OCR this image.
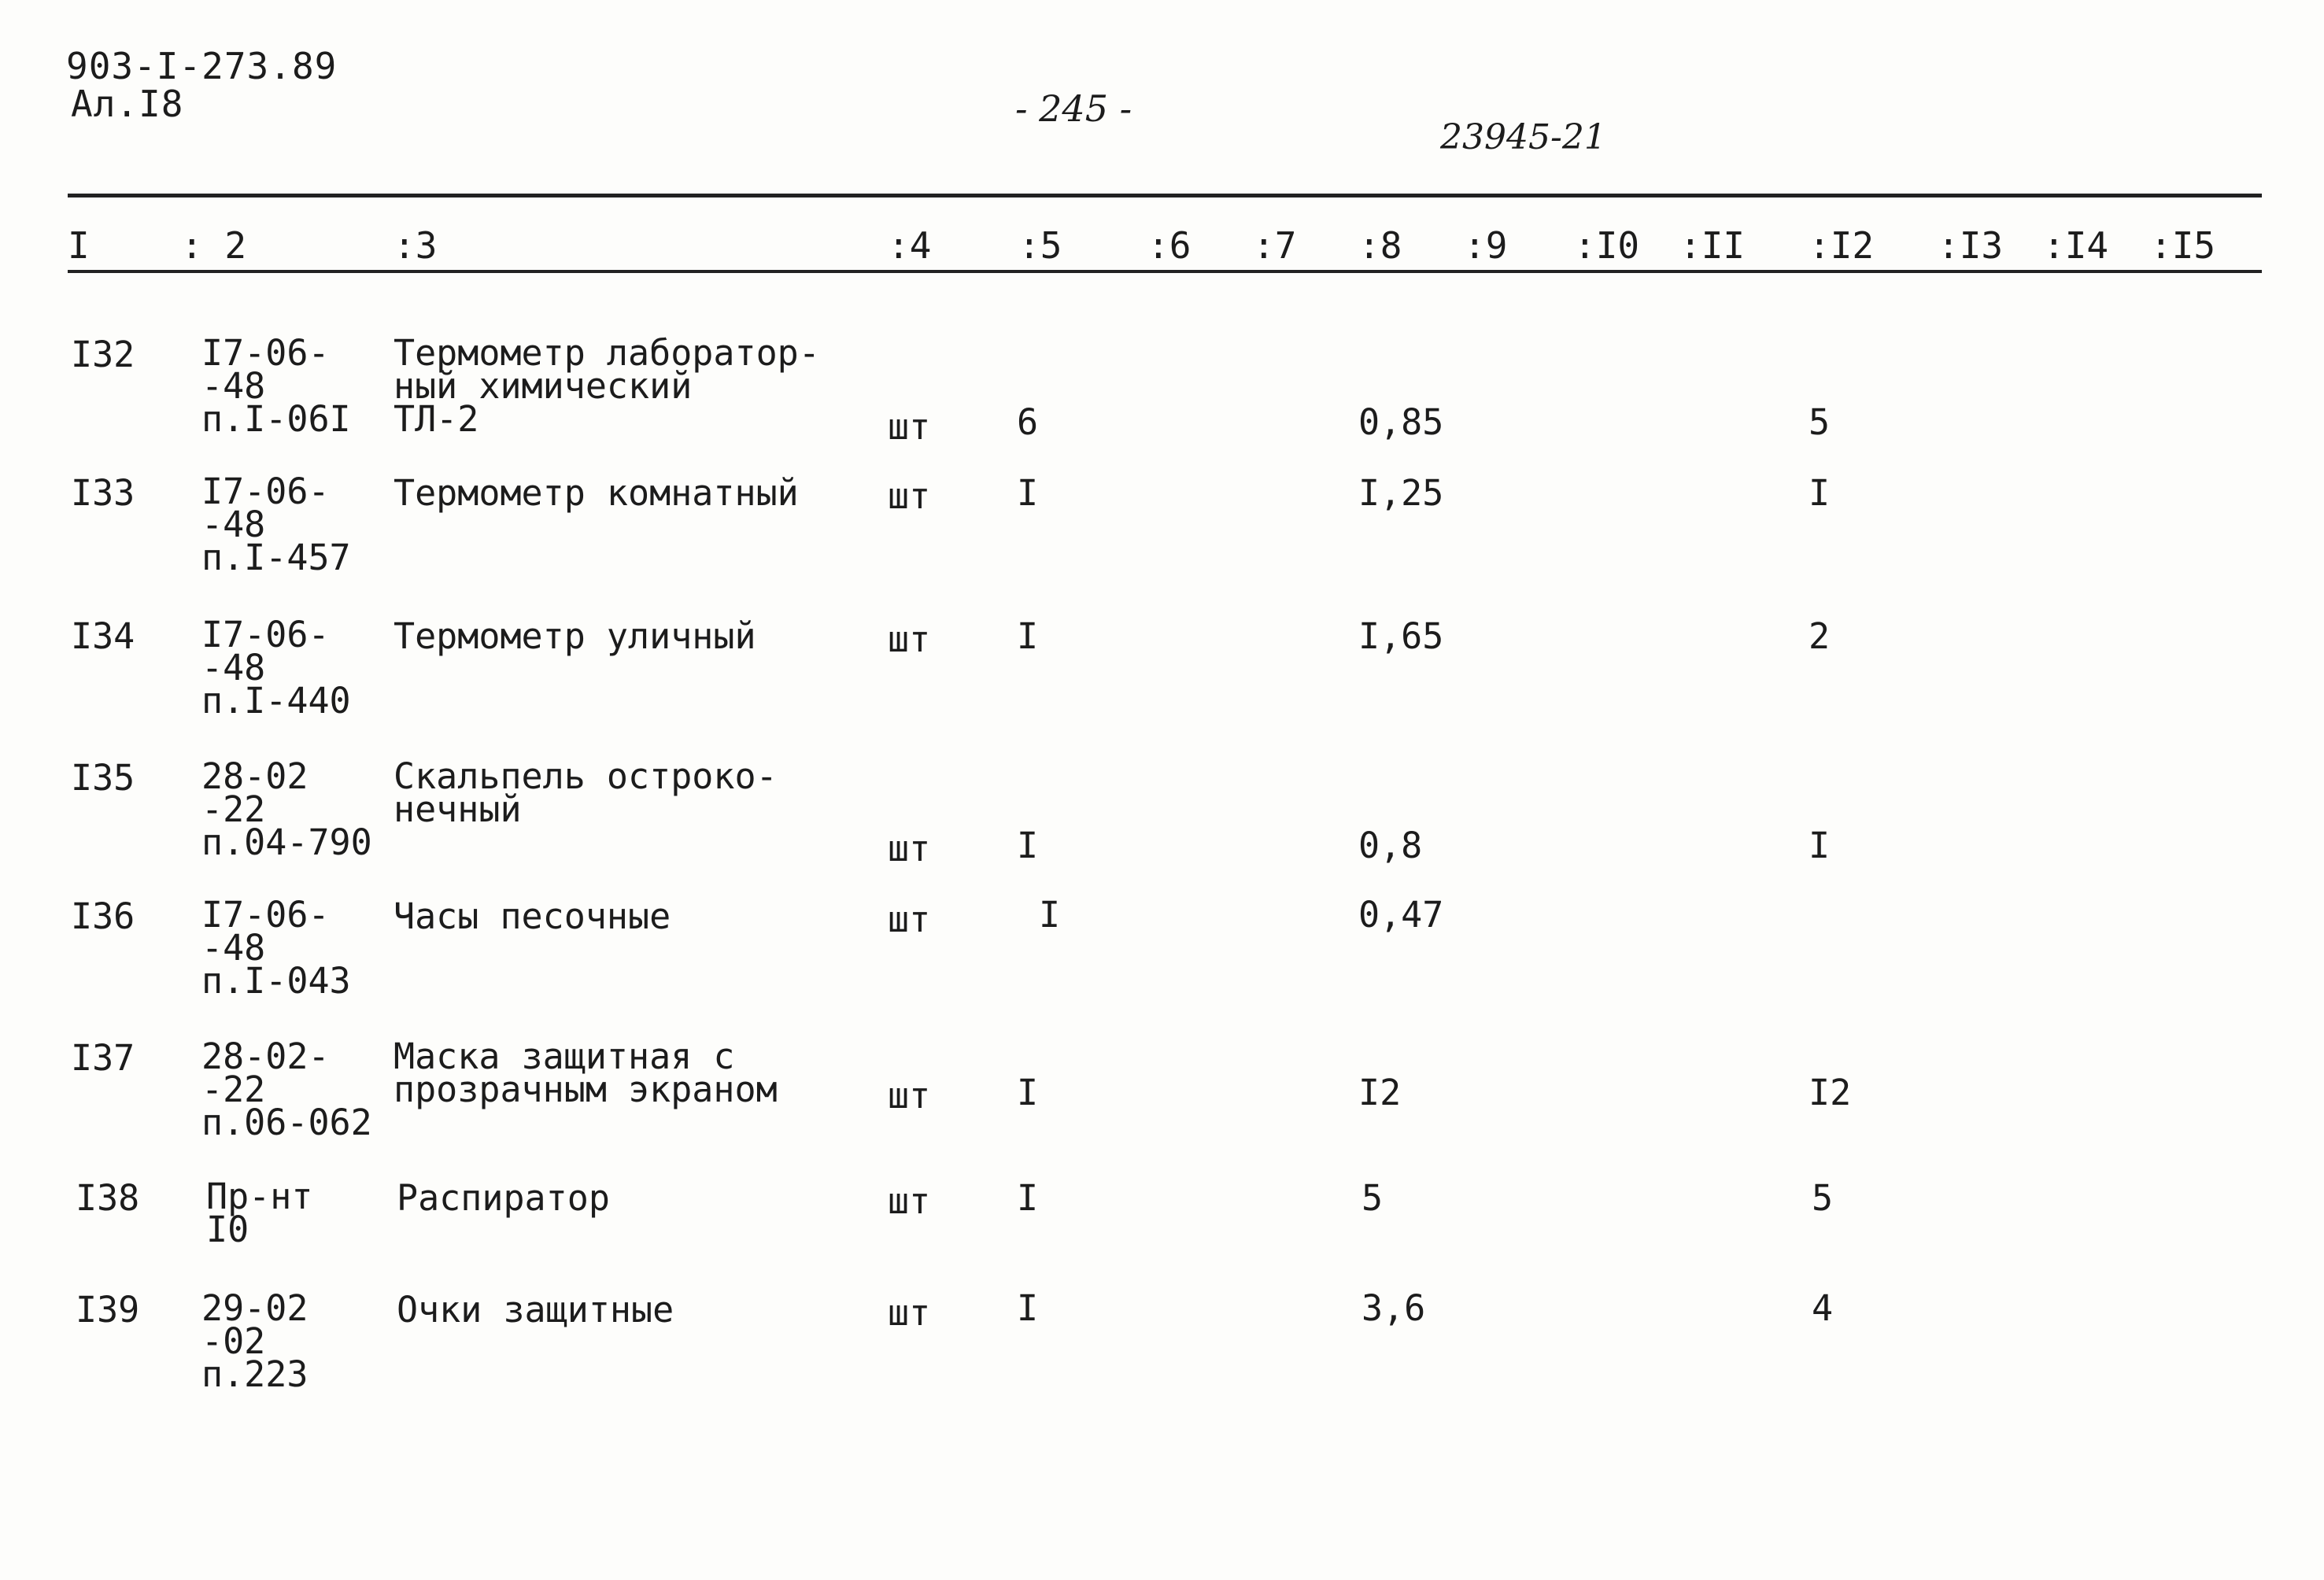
903-I-273.89
Ал.I8	- 245 -
23945-21
I	: 2	:3	:4 :5 :6 :7 :8 :9 :I0 :II :I2 :I3 :I4 :I5
I32 I7-06-
-48
п.I-06I
Термометр лаборатор-
ный химический
ТЛ-2	шт 6	0,85	5
I33 I7-06-
-48
п.I-457
Термометр комнатный	шт I	I,25	I
I34 I7-06-
-48
п.I-440
Термометр уличный	шт I	I,65	2
I35 28-02
-22
п.04-790
Скальпель остроко-
нечный
шт I	0,8	I
I36 I7-06-
-48
п.I-043
Часы песочные	шт	I	0,47
I37 28-02-
-22
п.06-062
Маска защитная с
прозрачным экраном	шт I	I2	I2
I38 Пр-нт
I0
Распиратор	шт I	5	5
I39 29-02
-02
п.223
Очки защитные	шт I	3,6	4
